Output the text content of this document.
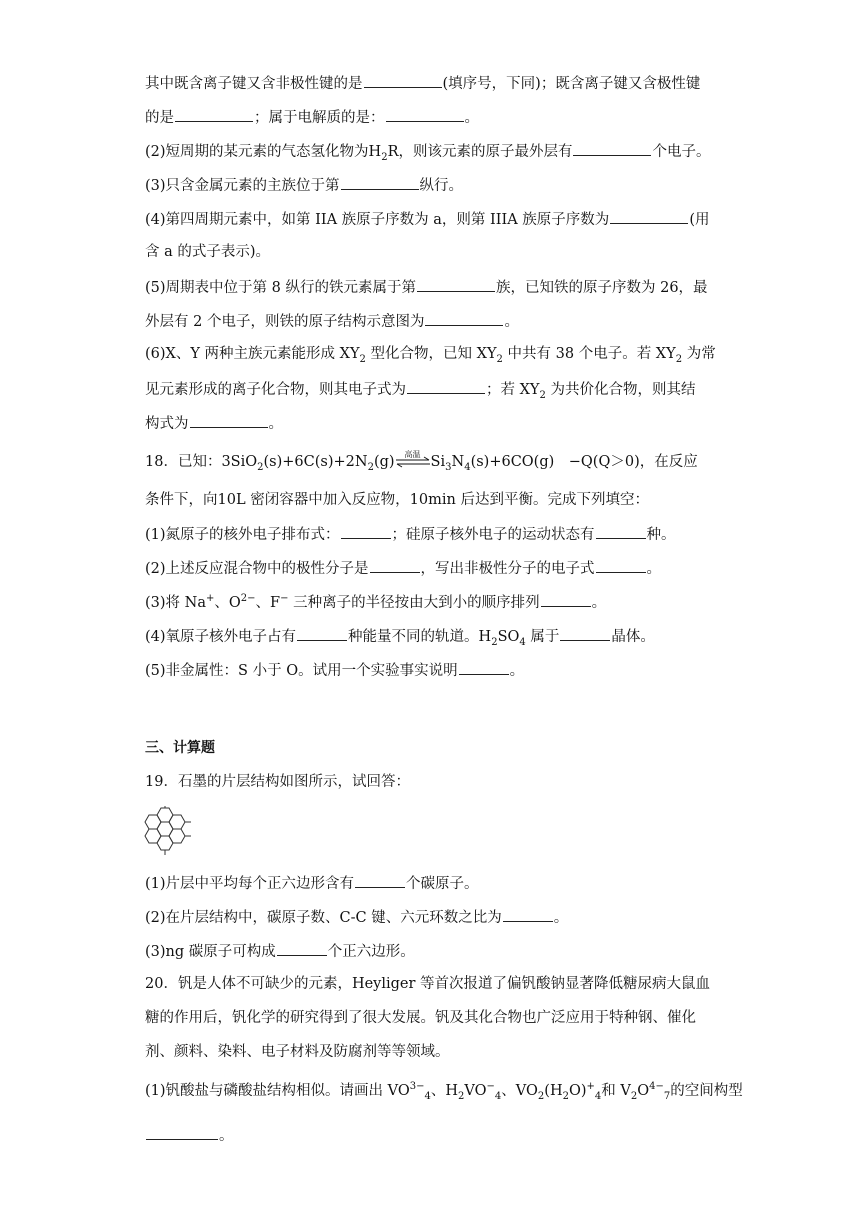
其中既含离子键又含非极性键的是	(填序号，下同)；既含离子键又含极性键
的是	；属于电解质的是：	。
(2)短周期的某元素的气态氢化物为$H_2R$，则该元素的原子最外层有	个电子。
(3)只含金属元素的主族位于第	纵行。
(4)第四周期元素中，如第 IIA 族原子序数为 a，则第 IIIA 族原子序数为	(用
含 a 的式子表示)。
(5)周期表中位于第 8 纵行的铁元素属于第	族，已知铁的原子序数为 26，最
外层有 2 个电子，则铁的原子结构示意图为	。
(6)X、Y 两种主族元素能形成 $XY_2$ 型化合物，已知 $XY_2$ 中共有 38 个电子。若 $XY_2$ 为常
见元素形成的离子化合物，则其电子式为	；若 $XY_2$ 为共价化合物，则其结
构式为	。
18．已知：$3SiO_2(s)+6C(s)+2N_2(g)$	高温 $Si_3N_4(s)+6CO(g)$　−Q(Q＞0)，在反应
条件下，向10L 密闭容器中加入反应物，10min 后达到平衡。完成下列填空：
(1)氮原子的核外电子排布式：	；硅原子核外电子的运动状态有	种。
(2)上述反应混合物中的极性分子是	，写出非极性分子的电子式	。
(3)将 Na+、$O^{2-}$、F− 三种离子的半径按由大到小的顺序排列	。
(4)氧原子核外电子占有	种能量不同的轨道。$H_2SO_4$ 属于	晶体。
(5)非金属性：S 小于 O。试用一个实验事实说明	。
三、计算题
19．石墨的片层结构如图所示，试回答：
(1)片层中平均每个正六边形含有	个碳原子。
(2)在片层结构中，碳原子数、C-C 键、六元环数之比为	。
(3)ng 碳原子可构成	个正六边形。
20．钒是人体不可缺少的元素，Heyliger 等首次报道了偏钒酸钠显著降低糖尿病大鼠血
糖的作用后，钒化学的研究得到了很大发展。钒及其化合物也广泛应用于特种钢、催化
剂、颜料、染料、电子材料及防腐剂等等领域。
(1)钒酸盐与磷酸盐结构相似。请画出 $VO^{3-}_4$、$H_2VO^-_4$、$VO_2(H_2O)^+_4$和 $V_2O^{4-}_7$的空间构型
。
